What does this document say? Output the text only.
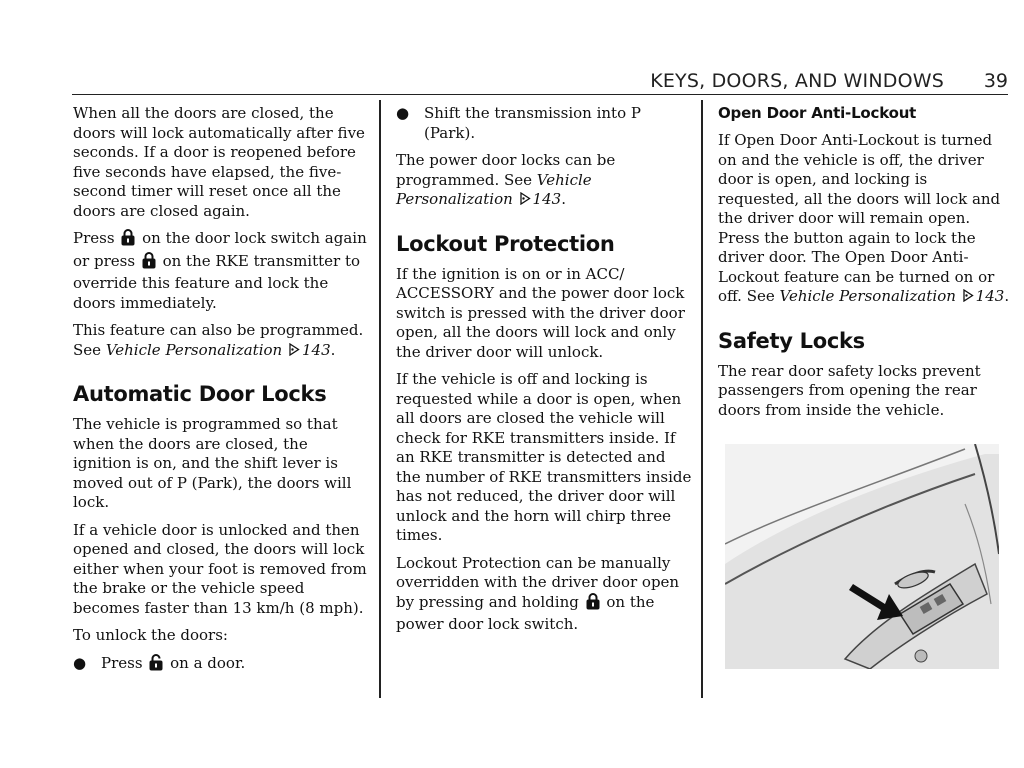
KEYS, DOORS, AND WINDOWS 39

When all the doors are closed, the doors will lock automatically after five seconds. If a door is reopened before five seconds have elapsed, the five-second timer will reset once all the doors are closed again.

Press on the door lock switch again or press on the RKE transmitter to override this feature and lock the doors immediately.

This feature can also be programmed. See Vehicle Personalization 143.

Automatic Door Locks

The vehicle is programmed so that when the doors are closed, the ignition is on, and the shift lever is moved out of P (Park), the doors will lock.

If a vehicle door is unlocked and then opened and closed, the doors will lock either when your foot is removed from the brake or the vehicle speed becomes faster than 13 km/h (8 mph).

To unlock the doors:

● Press on a door.
● Shift the transmission into P (Park).

The power door locks can be programmed. See Vehicle Personalization 143.

Lockout Protection

If the ignition is on or in ACC/ ACCESSORY and the power door lock switch is pressed with the driver door open, all the doors will lock and only the driver door will unlock.

If the vehicle is off and locking is requested while a door is open, when all doors are closed the vehicle will check for RKE transmitters inside. If an RKE transmitter is detected and the number of RKE transmitters inside has not reduced, the driver door will unlock and the horn will chirp three times.

Lockout Protection can be manually overridden with the driver door open by pressing and holding on the power door lock switch.

Open Door Anti-Lockout

If Open Door Anti-Lockout is turned on and the vehicle is off, the driver door is open, and locking is requested, all the doors will lock and the driver door will remain open. Press the button again to lock the driver door. The Open Door Anti-Lockout feature can be turned on or off. See Vehicle Personalization 143.

Safety Locks

The rear door safety locks prevent passengers from opening the rear doors from inside the vehicle.
